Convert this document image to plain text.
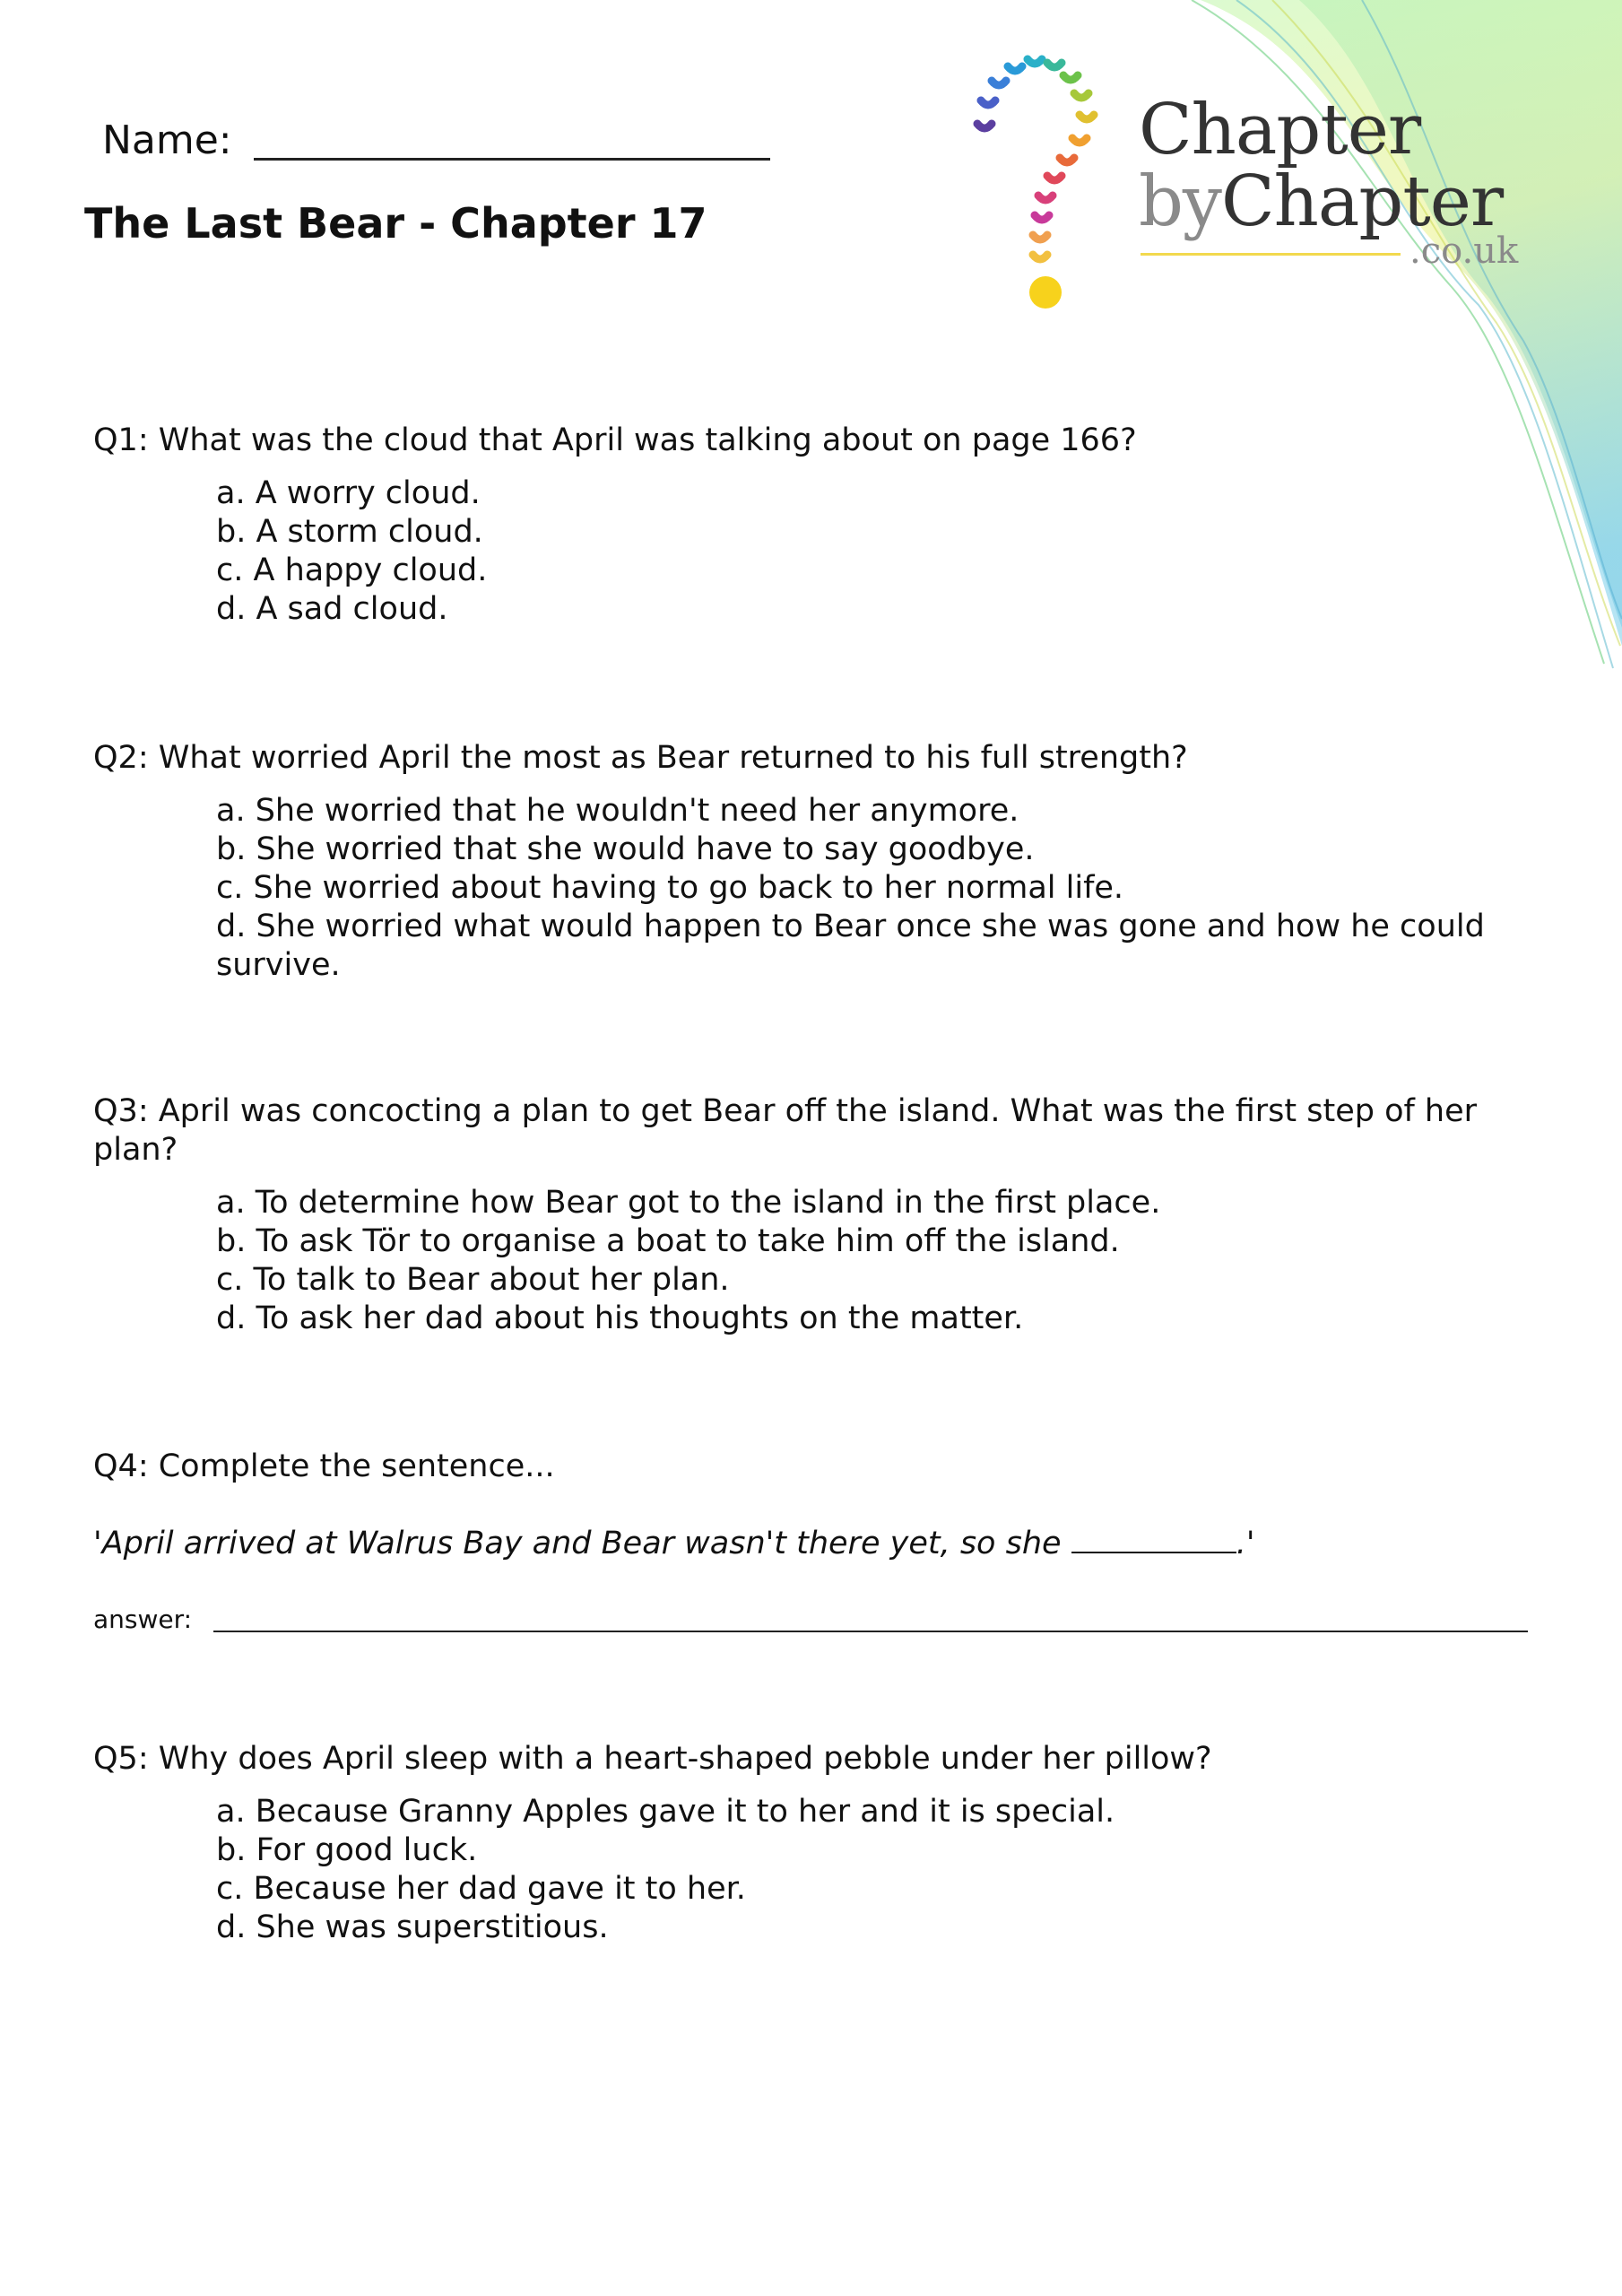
Chapter
byChapter
.co.uk
Name:
The Last Bear - Chapter 17

Q1: What was the cloud that April was talking about on page 166?

a. A worry cloud.
b. A storm cloud.
c. A happy cloud.
d. A sad cloud.

Q2: What worried April the most as Bear returned to his full strength?

a. She worried that he wouldn't need her anymore.
b. She worried that she would have to say goodbye.
c. She worried about having to go back to her normal life.
d. She worried what would happen to Bear once she was gone and how he could survive.

Q3: April was concocting a plan to get Bear off the island. What was the first step of her plan?

a. To determine how Bear got to the island in the first place.
b. To ask Tör to organise a boat to take him off the island.
c. To talk to Bear about her plan.
d. To ask her dad about his thoughts on the matter.

Q4: Complete the sentence...

'April arrived at Walrus Bay and Bear wasn't there yet, so she	.'
answer:

Q5: Why does April sleep with a heart-shaped pebble under her pillow?

a. Because Granny Apples gave it to her and it is special.
b. For good luck.
c. Because her dad gave it to her.
d. She was superstitious.
